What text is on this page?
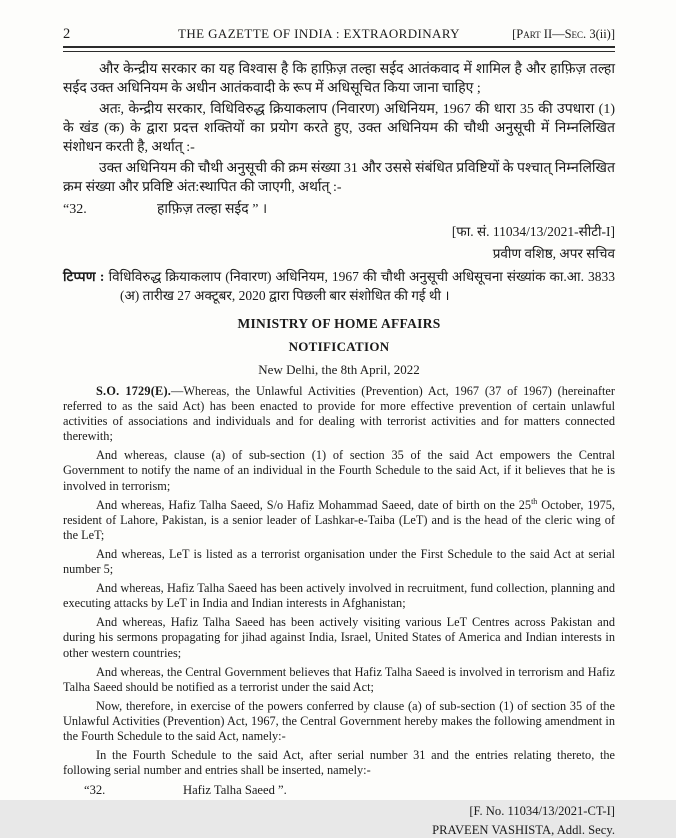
2	THE GAZETTE OF INDIA : EXTRAORDINARY	[Part II—Sec. 3(ii)]

और केन्द्रीय सरकार का यह विश्वास है कि हाफ़िज़ तल्हा सईद आतंकवाद में शामिल है और हाफ़िज़ तल्हा सईद उक्त अधिनियम के अधीन आतंकवादी के रूप में अधिसूचित किया जाना चाहिए ;

अतः, केन्द्रीय सरकार, विधिविरुद्ध क्रियाकलाप (निवारण) अधिनियम, 1967 की धारा 35 की उपधारा (1) के खंड (क) के द्वारा प्रदत्त शक्तियों का प्रयोग करते हुए, उक्त अधिनियम की चौथी अनुसूची में निम्नलिखित संशोधन करती है, अर्थात् :-

उक्त अधिनियम की चौथी अनुसूची की क्रम संख्या 31 और उससे संबंधित प्रविष्टियों के पश्चात् निम्नलिखित क्रम संख्या और प्रविष्टि अंत:स्थापित की जाएगी, अर्थात् :-

“32.	हाफ़िज़ तल्हा सईद ” ।
[फा. सं. 11034/13/2021-सीटी-I]
प्रवीण वशिष्ठ, अपर सचिव
टिप्पण : विधिविरुद्ध क्रियाकलाप (निवारण) अधिनियम, 1967 की चौथी अनुसूची अधिसूचना संख्यांक का.आ. 3833 (अ) तारीख 27 अक्टूबर, 2020 द्वारा पिछली बार संशोधित की गई थी ।
MINISTRY OF HOME AFFAIRS
NOTIFICATION
New Delhi, the 8th April, 2022

S.O. 1729(E).—Whereas, the Unlawful Activities (Prevention) Act, 1967 (37 of 1967) (hereinafter referred to as the said Act) has been enacted to provide for more effective prevention of certain unlawful activities of associations and individuals and for dealing with terrorist activities and for matters connected therewith;

And whereas, clause (a) of sub-section (1) of section 35 of the said Act empowers the Central Government to notify the name of an individual in the Fourth Schedule to the said Act, if it believes that he is involved in terrorism;

And whereas, Hafiz Talha Saeed, S/o Hafiz Mohammad Saeed, date of birth on the 25th October, 1975, resident of Lahore, Pakistan, is a senior leader of Lashkar-e-Taiba (LeT) and is the head of the cleric wing of the LeT;

And whereas, LeT is listed as a terrorist organisation under the First Schedule to the said Act at serial number 5;

And whereas, Hafiz Talha Saeed has been actively involved in recruitment, fund collection, planning and executing attacks by LeT in India and Indian interests in Afghanistan;

And whereas, Hafiz Talha Saeed has been actively visiting various LeT Centres across Pakistan and during his sermons propagating for jihad against India, Israel, United States of America and Indian interests in other western countries;

And whereas, the Central Government believes that Hafiz Talha Saeed is involved in terrorism and Hafiz Talha Saeed should be notified as a terrorist under the said Act;

Now, therefore, in exercise of the powers conferred by clause (a) of sub-section (1) of section 35 of the Unlawful Activities (Prevention) Act, 1967, the Central Government hereby makes the following amendment in the Fourth Schedule to the said Act, namely:-

In the Fourth Schedule to the said Act, after serial number 31 and the entries relating thereto, the following serial number and entries shall be inserted, namely:-

“32.	Hafiz Talha Saeed ”.
[F. No. 11034/13/2021-CT-I]
PRAVEEN VASHISTA, Addl. Secy.
